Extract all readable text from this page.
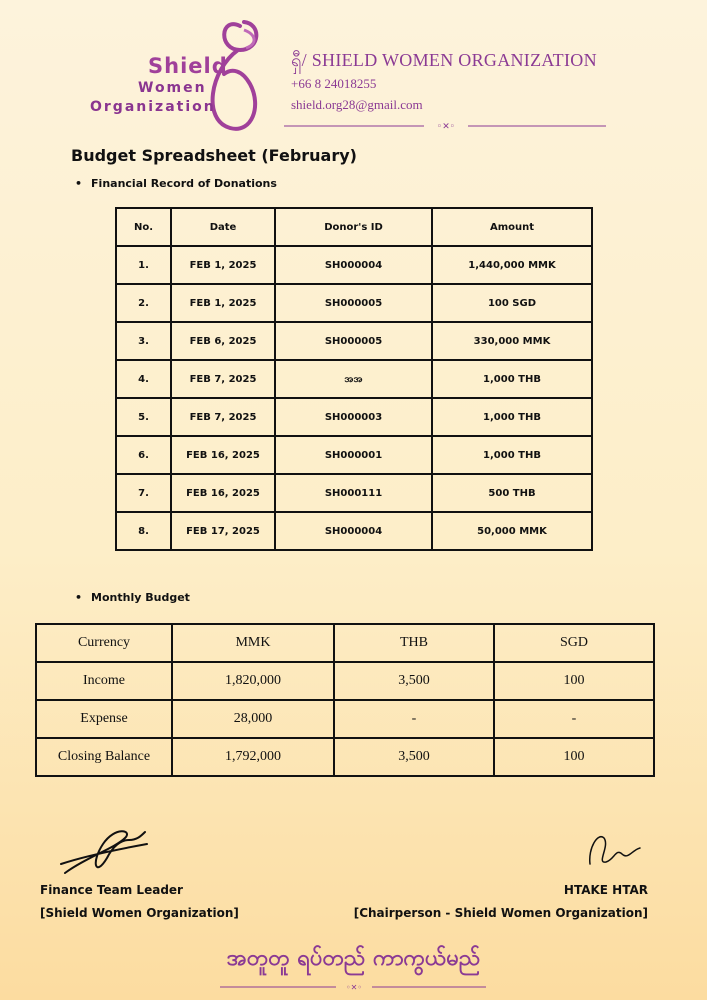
Shield
Women
Organization
ရှီ/ SHIELD WOMEN ORGANIZATION
+66 8 24018255
shield.org28@gmail.com
◦✕◦
Budget Spreadsheet (February)
• Financial Record of Donations
No.	Date	Donor's ID	Amount
1.	FEB 1, 2025	SH000004	1,440,000 MMK
2.	FEB 1, 2025	SH000005	100 SGD
3.	FEB 6, 2025	SH000005	330,000 MMK
4.	FEB 7, 2025	အအ	1,000 THB
5.	FEB 7, 2025	SH000003	1,000 THB
6.	FEB 16, 2025	SH000001	1,000 THB
7.	FEB 16, 2025	SH000111	500 THB
8.	FEB 17, 2025	SH000004	50,000 MMK
• Monthly Budget
Currency	MMK	THB	SGD
Income	1,820,000	3,500	100
Expense	28,000	-	-
Closing Balance	1,792,000	3,500	100
Finance Team Leader
[Shield Women Organization]
HTAKE HTAR
[Chairperson - Shield Women Organization]
အတူတူ ရပ်တည် ကာကွယ်မည်
◦✕◦
